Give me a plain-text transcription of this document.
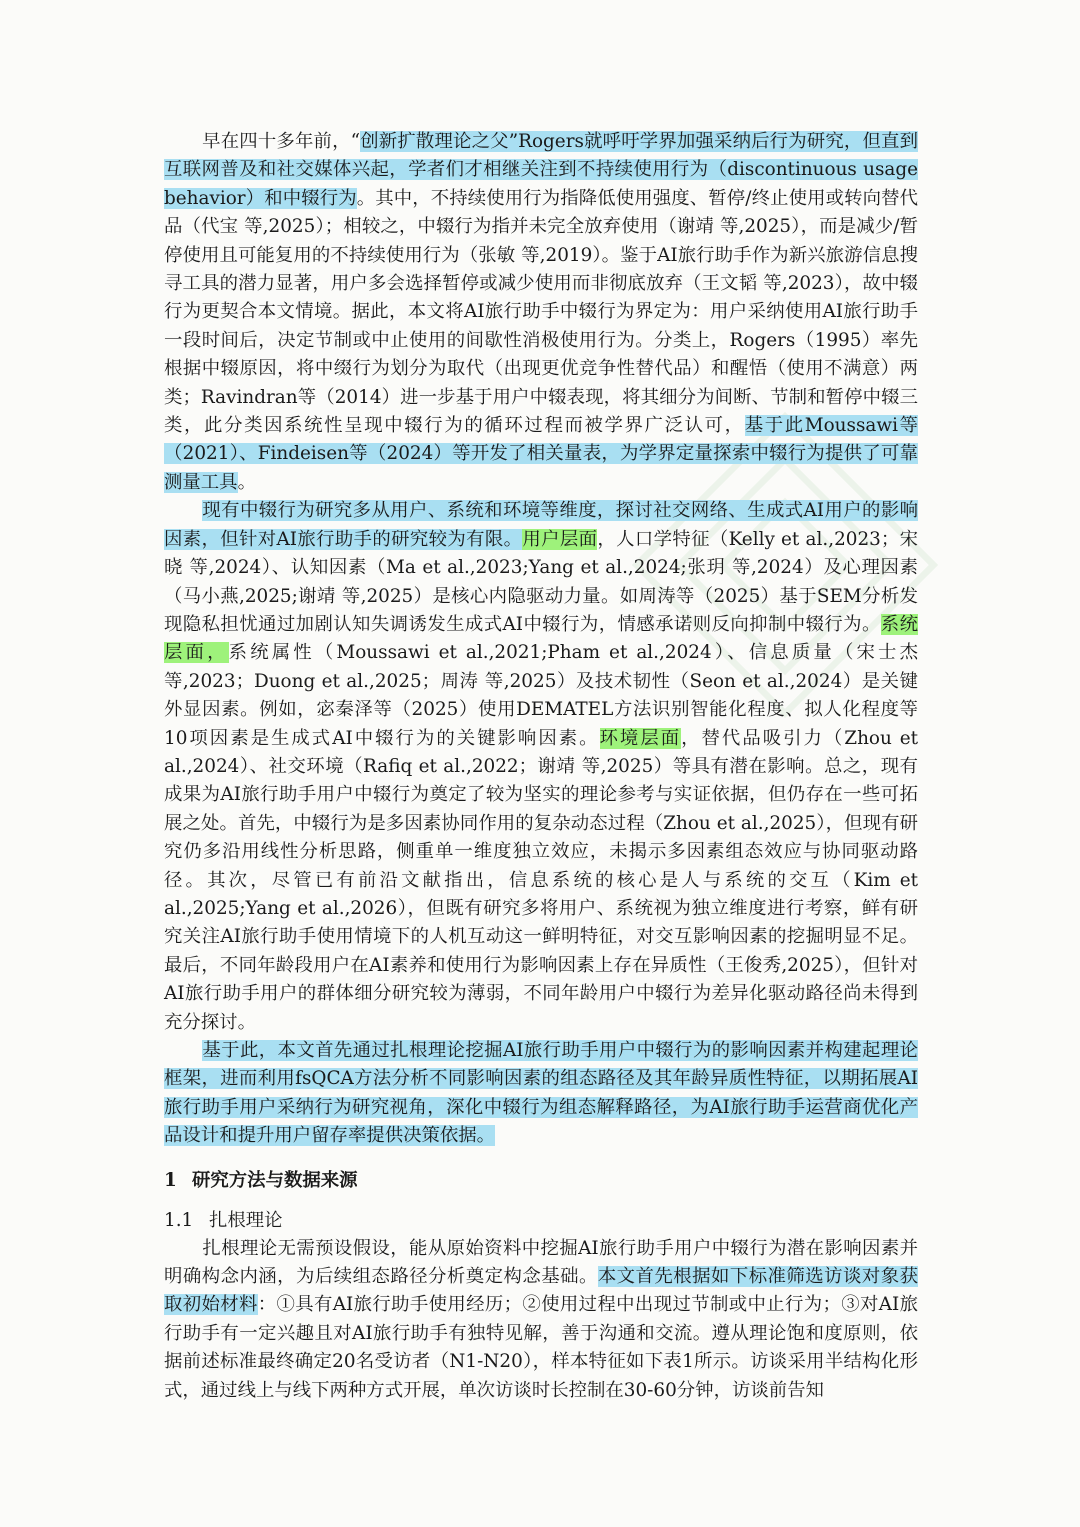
早在四十多年前，“创新扩散理论之父”Rogers就呼吁学界加强采纳后行为研究，但直到互联网普及和社交媒体兴起，学者们才相继关注到不持续使用行为（discontinuous usage behavior）和中辍行为。其中，不持续使用行为指降低使用强度、暂停/终止使用或转向替代品（代宝 等,2025）；相较之，中辍行为指并未完全放弃使用（谢靖 等,2025），而是减少/暂停使用且可能复用的不持续使用行为（张敏 等,2019）。鉴于AI旅行助手作为新兴旅游信息搜寻工具的潜力显著，用户多会选择暂停或减少使用而非彻底放弃（王文韬 等,2023），故中辍行为更契合本文情境。据此，本文将AI旅行助手中辍行为界定为：用户采纳使用AI旅行助手一段时间后，决定节制或中止使用的间歇性消极使用行为。分类上，Rogers（1995）率先根据中辍原因，将中缀行为划分为取代（出现更优竞争性替代品）和醒悟（使用不满意）两类；Ravindran等（2014）进一步基于用户中辍表现，将其细分为间断、节制和暂停中辍三类，此分类因系统性呈现中辍行为的循环过程而被学界广泛认可，基于此Moussawi等（2021）、Findeisen等（2024）等开发了相关量表，为学界定量探索中辍行为提供了可靠测量工具。

现有中辍行为研究多从用户、系统和环境等维度，探讨社交网络、生成式AI用户的影响因素，但针对AI旅行助手的研究较为有限。用户层面，人口学特征（Kelly et al.,2023；宋晓 等,2024）、认知因素（Ma et al.,2023;Yang et al.,2024;张玥 等,2024）及心理因素（马小燕,2025;谢靖 等,2025）是核心内隐驱动力量。如周涛等（2025）基于SEM分析发现隐私担忧通过加剧认知失调诱发生成式AI中辍行为，情感承诺则反向抑制中辍行为。系统层面，系统属性（Moussawi et al.,2021;Pham et al.,2024）、信息质量（宋士杰 等,2023；Duong et al.,2025；周涛 等,2025）及技术韧性（Seon et al.,2024）是关键外显因素。例如，宓秦泽等（2025）使用DEMATEL方法识别智能化程度、拟人化程度等10项因素是生成式AI中辍行为的关键影响因素。环境层面，替代品吸引力（Zhou et al.,2024）、社交环境（Rafiq et al.,2022；谢靖 等,2025）等具有潜在影响。总之，现有成果为AI旅行助手用户中辍行为奠定了较为坚实的理论参考与实证依据，但仍存在一些可拓展之处。首先，中辍行为是多因素协同作用的复杂动态过程（Zhou et al.,2025），但现有研究仍多沿用线性分析思路，侧重单一维度独立效应，未揭示多因素组态效应与协同驱动路径。其次，尽管已有前沿文献指出，信息系统的核心是人与系统的交互（Kim et al.,2025;Yang et al.,2026），但既有研究多将用户、系统视为独立维度进行考察，鲜有研究关注AI旅行助手使用情境下的人机互动这一鲜明特征，对交互影响因素的挖掘明显不足。最后，不同年龄段用户在AI素养和使用行为影响因素上存在异质性（王俊秀,2025），但针对AI旅行助手用户的群体细分研究较为薄弱，不同年龄用户中辍行为差异化驱动路径尚未得到充分探讨。

基于此，本文首先通过扎根理论挖掘AI旅行助手用户中辍行为的影响因素并构建起理论框架，进而利用fsQCA方法分析不同影响因素的组态路径及其年龄异质性特征，以期拓展AI旅行助手用户采纳行为研究视角，深化中辍行为组态解释路径，为AI旅行助手运营商优化产品设计和提升用户留存率提供决策依据。

1 研究方法与数据来源
1.1 扎根理论

扎根理论无需预设假设，能从原始资料中挖掘AI旅行助手用户中辍行为潜在影响因素并明确构念内涵，为后续组态路径分析奠定构念基础。本文首先根据如下标准筛选访谈对象获取初始材料：①具有AI旅行助手使用经历；②使用过程中出现过节制或中止行为；③对AI旅行助手有一定兴趣且对AI旅行助手有独特见解，善于沟通和交流。遵从理论饱和度原则，依据前述标准最终确定20名受访者（N1-N20），样本特征如下表1所示。访谈采用半结构化形式，通过线上与线下两种方式开展，单次访谈时长控制在30-60分钟，访谈前告知
